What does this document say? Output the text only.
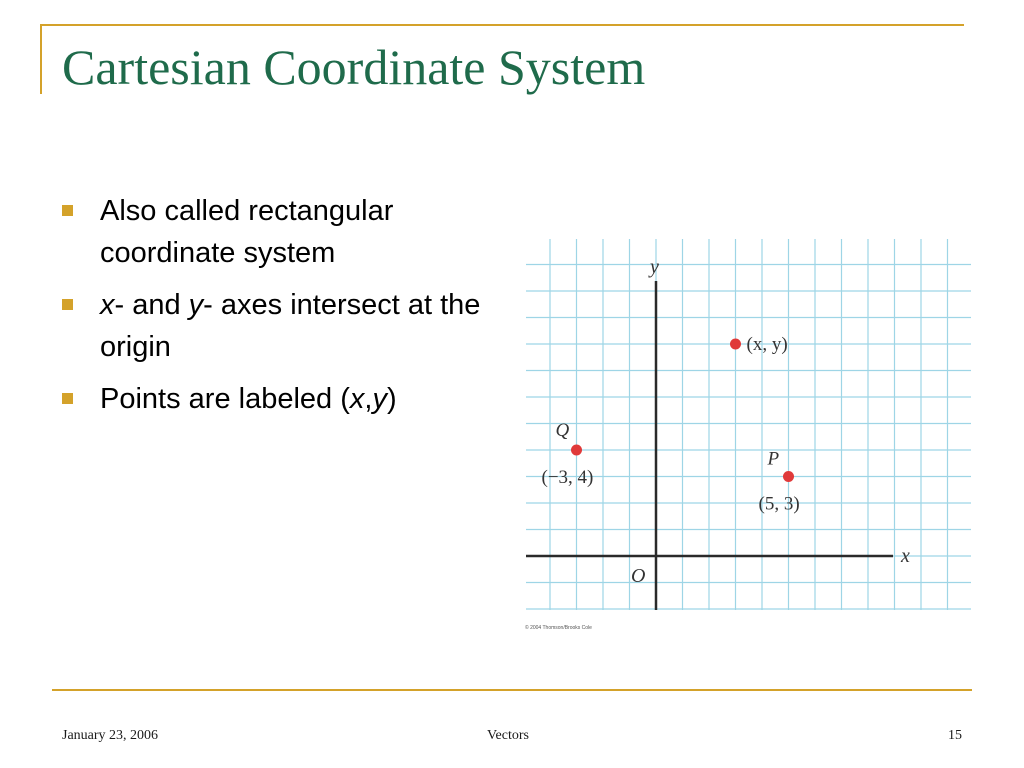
Cartesian Coordinate System
Also called rectangular coordinate system
x- and y- axes intersect at the origin
Points are labeled (x,y)
x
y
O
Q
(−3, 4)
P
(5, 3)
(x, y)
© 2004 Thomson/Brooks Cole
January 23, 2006	Vectors	15
